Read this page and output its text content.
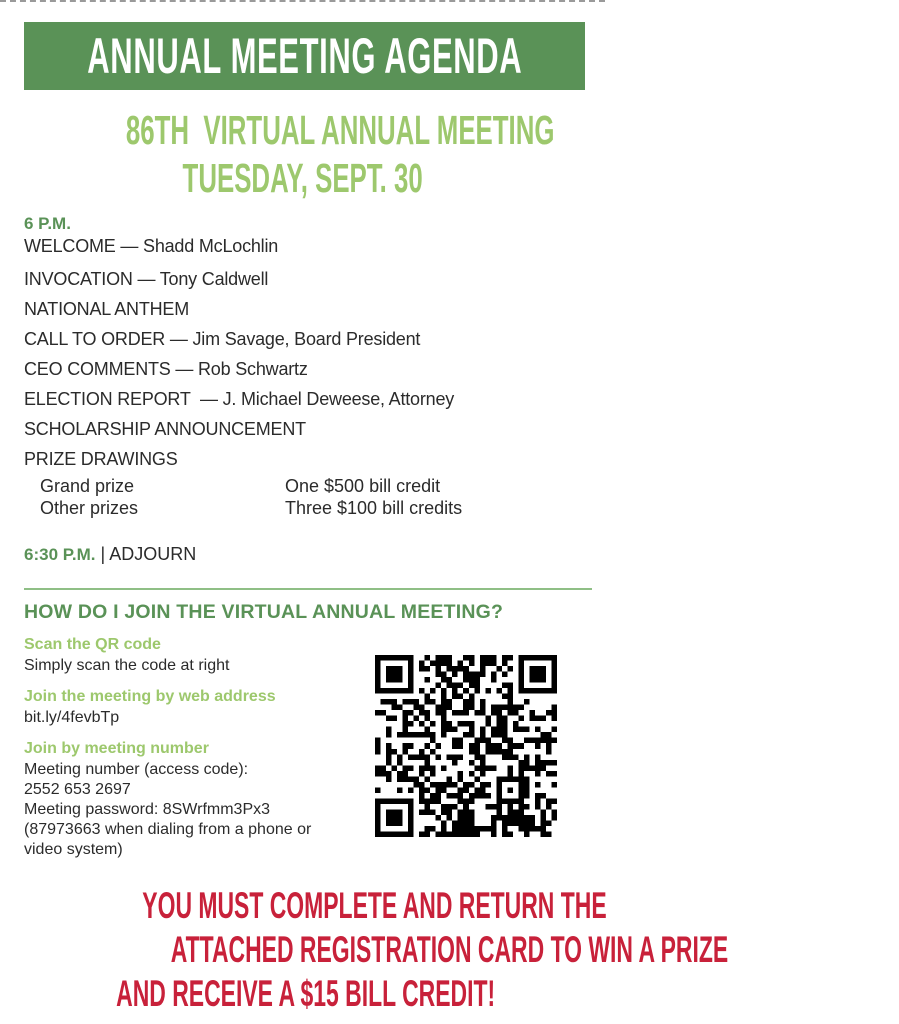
ANNUAL MEETING AGENDA
86TH  VIRTUAL ANNUAL MEETING
TUESDAY, SEPT. 30
6 P.M.
WELCOME — Shadd McLochlin
INVOCATION — Tony Caldwell
NATIONAL ANTHEM
CALL TO ORDER — Jim Savage, Board President
CEO COMMENTS — Rob Schwartz
ELECTION REPORT  — J. Michael Deweese, Attorney
SCHOLARSHIP ANNOUNCEMENT
PRIZE DRAWINGS
Grand prize	One $500 bill credit
Other prizes	Three $100 bill credits
6:30 P.M. | ADJOURN
HOW DO I JOIN THE VIRTUAL ANNUAL MEETING?
Scan the QR code
Simply scan the code at right
Join the meeting by web address
bit.ly/4fevbTp
Join by meeting number
Meeting number (access code):
2552 653 2697
Meeting password: 8SWrfmm3Px3
(87973663 when dialing from a phone or
video system)
YOU MUST COMPLETE AND RETURN THE
ATTACHED REGISTRATION CARD TO WIN A PRIZE
AND RECEIVE A $15 BILL CREDIT!
